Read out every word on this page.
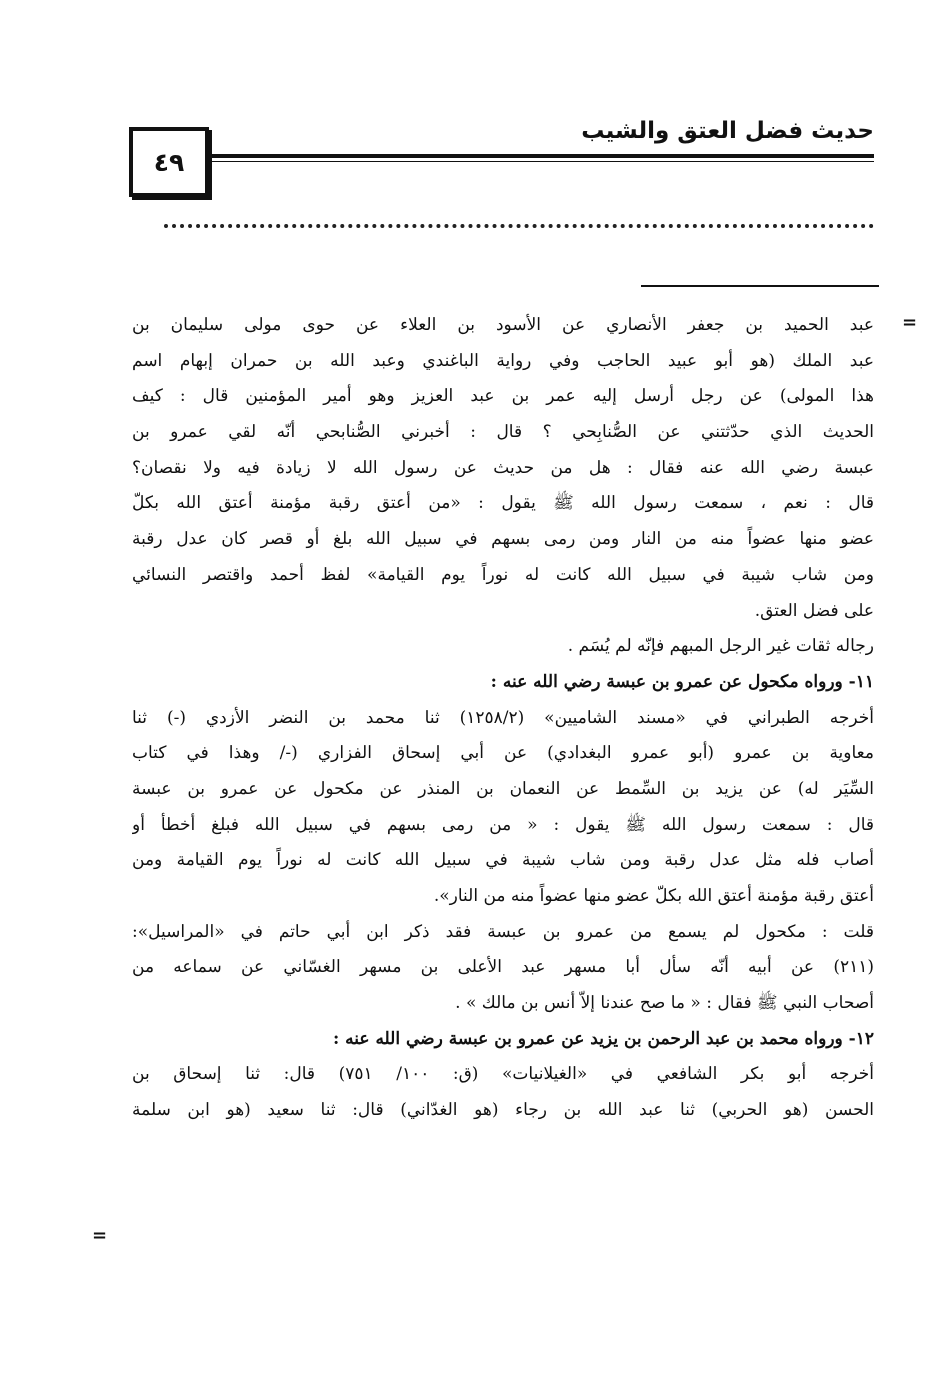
٤٩
حديث فضل العتق والشيب
=
=
عبد الحميد بن جعفر الأنصاري عن الأسود بن العلاء عن حوى مولى سليمان بن
عبد الملك (هو أبو عبيد الحاجب وفي رواية الباغندي وعبد الله بن حمران إبهام اسم
هذا المولى) عن رجل أرسل إليه عمر بن عبد العزيز وهو أمير المؤمنين قال : كيف
الحديث الذي حدّثتني عن الصُّنابِحي ؟ قال : أخبرني الصُّنابحي أنّه لقي عمرو بن
عبسة رضي الله عنه فقال : هل من حديث عن رسول الله لا زيادة فيه ولا نقصان؟
قال : نعم ، سمعت رسول الله ﷺ يقول : «من أعتق رقبة مؤمنة أعتق الله بكلّ
عضو منها عضواً منه من النار ومن رمى بسهم في سبيل الله بلغ أو قصر كان عدل رقبة
ومن شاب شيبة في سبيل الله كانت له نوراً يوم القيامة» لفظ أحمد واقتصر النسائي
على فضل العتق.
رجاله ثقات غير الرجل المبهم فإنّه لم يُسَم .
١١- ورواه مكحول عن عمرو بن عبسة رضي الله عنه :
أخرجه الطبراني في «مسند الشاميين» (١٢٥٨/٢) ثنا محمد بن النضر الأزدي (-) ثنا
معاوية بن عمرو (أبو عمرو البغدادي) عن أبي إسحاق الفزاري (-/ وهذا في كتاب
السِّيَر له) عن يزيد بن السِّمط عن النعمان بن المنذر عن مكحول عن عمرو بن عبسة
قال : سمعت رسول الله ﷺ يقول : « من رمى بسهم في سبيل الله فبلغ أخطأ أو
أصاب فله مثل عدل رقبة ومن شاب شيبة في سبيل الله كانت له نوراً يوم القيامة ومن
أعتق رقبة مؤمنة أعتق الله بكلّ عضو منها عضواً منه من النار».
قلت : مكحول لم يسمع من عمرو بن عبسة فقد ذكر ابن أبي حاتم في «المراسيل»:
(٢١١) عن أبيه أنّه سأل أبا مسهر عبد الأعلى بن مسهر الغسّاني عن سماعه من
أصحاب النبي ﷺ فقال : « ما صح عندنا إلاّ أنس بن مالك » .
١٢- ورواه محمد بن عبد الرحمن بن يزيد عن عمرو بن عبسة رضي الله عنه :
أخرجه أبو بكر الشافعي في «الغيلانيات» (ق: ١٠٠/ ٧٥١) قال: ثنا إسحاق بن
الحسن (هو الحربي) ثنا عبد الله بن رجاء (هو الغدّاني) قال: ثنا سعيد (هو ابن سلمة
